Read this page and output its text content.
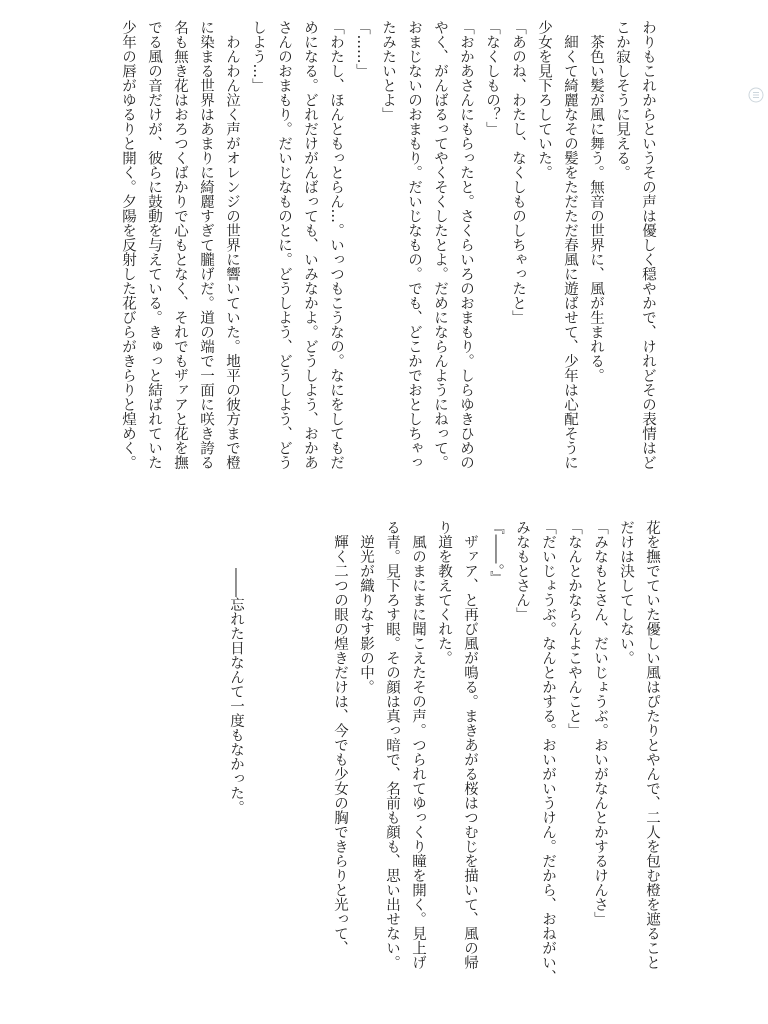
わりもこれからというその声は優しく穏やかで、けれどその表情はど
こか寂しそうに見える。
　茶色い髪が風に舞う。無音の世界に、風が生まれる。
　細くて綺麗なその髪をただただ春風に遊ばせて、少年は心配そうに
少女を見下ろしていた。
「あのね、わたし、なくしものしちゃったと」
「なくしもの？」
「おかあさんにもらったと。さくらいろのおまもり。しらゆきひめの
やく、がんばるってやくそくしたとよ。だめにならんようにねって。
おまじないのおまもり。だいじなもの。でも、どこかでおとしちゃっ
たみたいとよ」
「……」
「わたし、ほんともっとらん…。いっつもこうなの。なにをしてもだ
めになる。どれだけがんばっても、いみなかよ。どうしよう、おかあ
さんのおまもり。だいじなものとに。どうしよう、どうしよう、どう
しよう…」
　わんわん泣く声がオレンジの世界に響いていた。地平の彼方まで橙
に染まる世界はあまりに綺麗すぎて朧げだ。道の端で一面に咲き誇る
名も無き花はおろつくばかりで心もとなく、それでもザァアと花を撫
でる風の音だけが、彼らに鼓動を与えている。きゅっと結ばれていた
少年の唇がゆるりと開く。夕陽を反射した花びらがきらりと煌めく。
花を撫でていた優しい風はぴたりとやんで、二人を包む橙を遮ること
だけは決してしない。
「みなもとさん、だいじょうぶ。おいがなんとかするけんさ」
「なんとかならんよこやんこと」
「だいじょうぶ。なんとかする。おいがいうけん。だから、おねがい、
みなもとさん」
『――。』
　ザァア、と再び風が鳴る。まきあがる桜はつむじを描いて、風の帰
り道を教えてくれた。
　風のまにまに聞こえたその声。つられてゆっくり瞳を開く。見上げ
る青。見下ろす眼。その顔は真っ暗で、名前も顔も、思い出せない。
　逆光が織りなす影の中。
　輝く二つの眼の煌きだけは、今でも少女の胸できらりと光って、
――忘れた日なんて一度もなかった。
